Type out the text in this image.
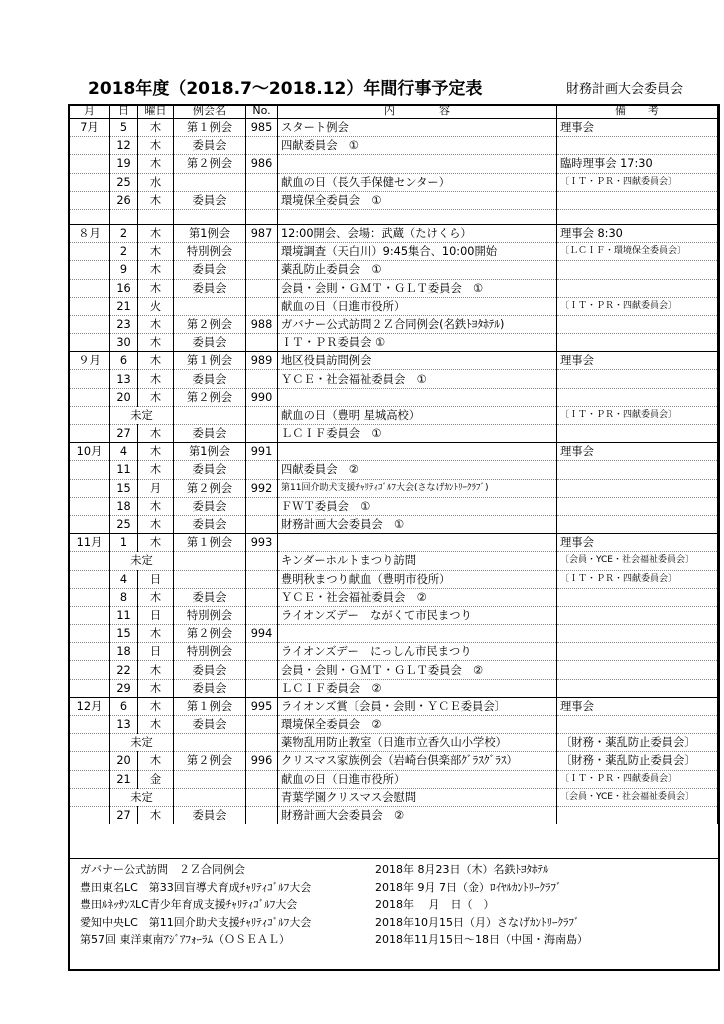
2018年度（2018.7～2018.12）年間行事予定表	財務計画大会委員会
月	日	曜日	例会名	No.	内　　　　容	備　　考
7月	5	木	第１例会	985	スタート例会	理事会
	12	木	委員会		四献委員会　①	
	19	木	第２例会	986		臨時理事会 17:30
	25	水			献血の日（長久手保健センター）	〔ＩＴ・ＰＲ・四献委員会〕
	26	木	委員会		環境保全委員会　①	

８月	2	木	第1例会	987	12:00開会、会場：武蔵（たけくら）	理事会 8:30
	2	木	特別例会		環境調査（天白川）9:45集合、10:00開始	〔ＬＣＩＦ・環境保全委員会〕
	9	木	委員会		薬乱防止委員会　①	
	16	木	委員会		会員・会則・ＧＭＴ・ＧＬＴ委員会　①	
	21	火			献血の日（日進市役所）	〔ＩＴ・ＰＲ・四献委員会〕
	23	木	第２例会	988	ガバナー公式訪問２Ｚ合同例会(名鉄ﾄﾖﾀﾎﾃﾙ)	
	30	木	委員会		ＩＴ・ＰＲ委員会 ①	
９月	6	木	第１例会	989	地区役員訪問例会	理事会
	13	木	委員会		ＹＣＥ・社会福祉委員会　①	
	20	木	第２例会	990		
	未定				献血の日（豊明 星城高校）	〔ＩＴ・ＰＲ・四献委員会〕
	27	木	委員会		ＬＣＩＦ委員会　①	
10月	4	木	第1例会	991		理事会
	11	木	委員会		四献委員会　②	
	15	月	第２例会	992	第11回介助犬支援ﾁｬﾘﾃｨｺﾞﾙﾌ大会(さなげｶﾝﾄﾘｰｸﾗﾌﾞ)	
	18	木	委員会		ＦＷＴ委員会　①	
	25	木	委員会		財務計画大会委員会　①	
11月	1	木	第１例会	993		理事会
	未定				キンダーホルトまつり訪問	〔会員・YCE・社会福祉委員会〕
	4	日			豊明秋まつり献血（豊明市役所）	〔ＩＴ・ＰＲ・四献委員会〕
	8	木	委員会		ＹＣＥ・社会福祉委員会　②	
	11	日	特別例会		ライオンズデー　ながくて市民まつり	
	15	木	第２例会	994		
	18	日	特別例会		ライオンズデー　にっしん市民まつり	
	22	木	委員会		会員・会則・ＧＭＴ・ＧＬＴ委員会　②	
	29	木	委員会		ＬＣＩＦ委員会　②	
12月	6	木	第１例会	995	ライオンズ賞〔会員・会則・ＹＣＥ委員会〕	理事会
	13	木	委員会		環境保全委員会　②	
	未定				薬物乱用防止教室（日進市立香久山小学校）	〔財務・薬乱防止委員会〕
	20	木	第２例会	996	クリスマス家族例会（岩崎台倶楽部ｸﾞﾗｽｸﾞﾗｽ）	〔財務・薬乱防止委員会〕
	21	金			献血の日（日進市役所）	〔ＩＴ・ＰＲ・四献委員会〕
	未定				青葉学園クリスマス会慰問	〔会員・YCE・社会福祉委員会〕
	27	木	委員会		財務計画大会委員会　②	
ガバナー公式訪問　２Ｚ合同例会	2018年 8月23日（木）名鉄ﾄﾖﾀﾎﾃﾙ
豊田東名LC　第33回盲導犬育成ﾁｬﾘﾃｨｺﾞﾙﾌ大会	2018年 9月 7日（金）ﾛｲﾔﾙｶﾝﾄﾘｰｸﾗﾌﾞ
豊田ﾙﾈｯｻﾝｽLC青少年育成支援ﾁｬﾘﾃｨｺﾞﾙﾌ大会	2018年　 月　日（　）
愛知中央LC　第11回介助犬支援ﾁｬﾘﾃｨｺﾞﾙﾌ大会	2018年10月15日（月）さなげｶﾝﾄﾘｰｸﾗﾌﾞ
第57回 東洋東南ｱｼﾞｱﾌｫｰﾗﾑ（ＯＳＥＡＬ）	2018年11月15日～18日（中国・海南島）
